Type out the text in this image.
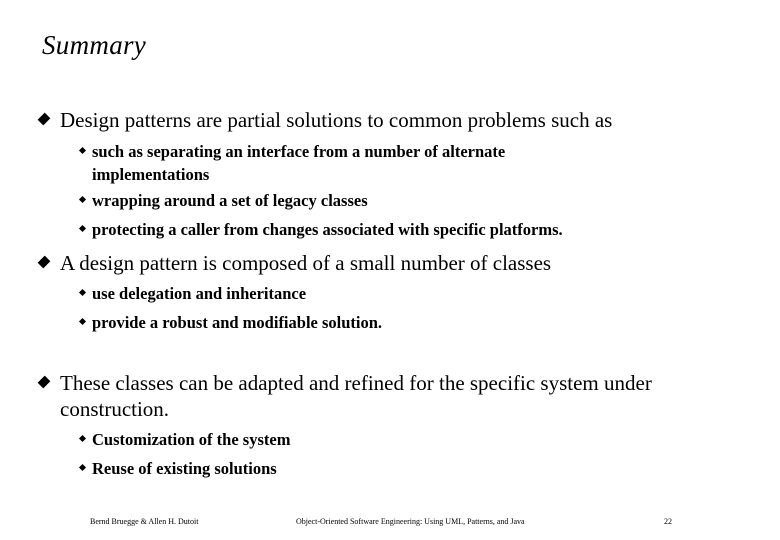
Summary
Design patterns are partial solutions to common problems such as
such as separating an interface from a number of alternate implementations
wrapping around a set of legacy classes
protecting a caller from changes associated with specific platforms.
A design pattern is composed of a small number of classes
use delegation and inheritance
provide a robust and modifiable solution.
These classes can be adapted and refined for the specific system under construction.
Customization of the system
Reuse of existing solutions
Bernd Bruegge & Allen H. Dutoit	Object-Oriented Software Engineering: Using UML, Patterns, and Java	22
